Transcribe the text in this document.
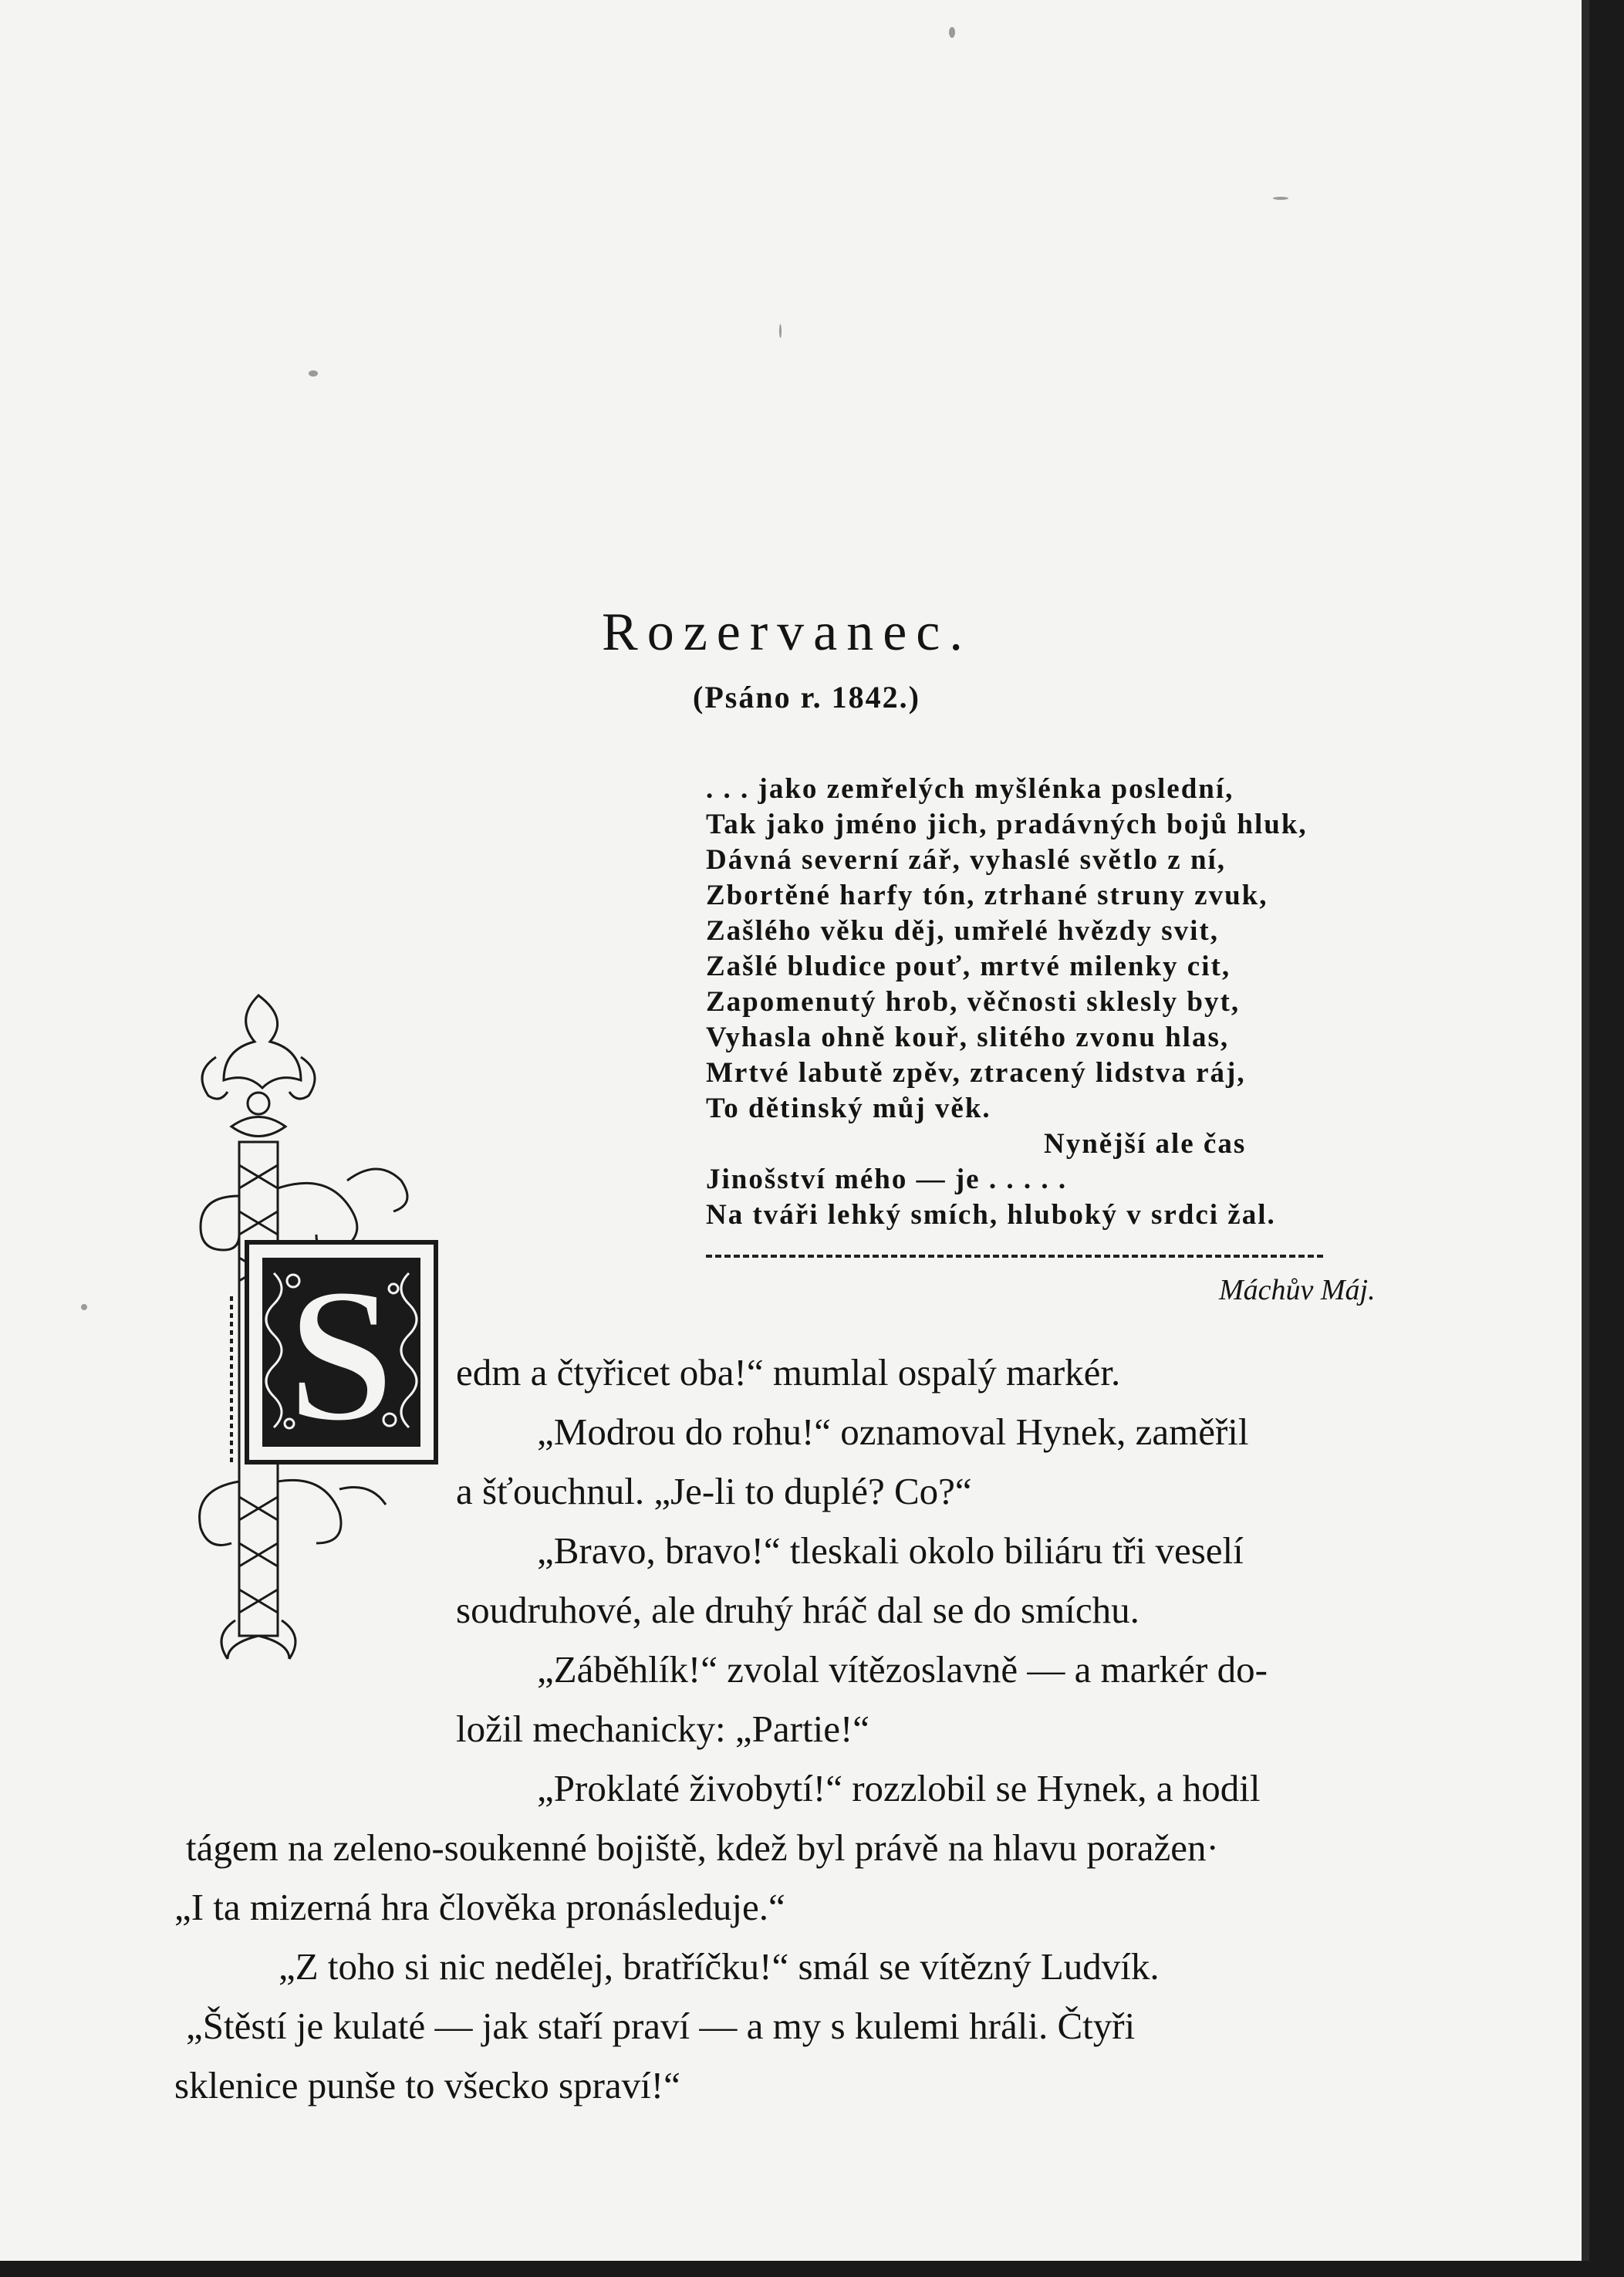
Rozervanec.
(Psáno r. 1842.)
. . . jako zemřelých myšlénka poslední,
Tak jako jméno jich, pradávných bojů hluk,
Dávná severní zář, vyhaslé světlo z ní,
Zbortěné harfy tón, ztrhané struny zvuk,
Zašlého věku děj, umřelé hvězdy svit,
Zašlé bludice pouť, mrtvé milenky cit,
Zapomenutý hrob, věčnosti sklesly byt,
Vyhasla ohně kouř, slitého zvonu hlas,
Mrtvé labutě zpěv, ztracený lidstva ráj,
To dětinský můj věk.
Nynější ale čas
Jinošství mého — je . . . . .
Na tváři lehký smích, hluboký v srdci žal.
Máchův Máj.
S	edm a čtyřicet oba!“ mumlal ospalý markér.
„Modrou do rohu!“ oznamoval Hynek, zaměřil
a šťouchnul. „Je-li to duplé? Co?“
„Bravo, bravo!“ tleskali okolo biliáru tři veselí
soudruhové, ale druhý hráč dal se do smíchu.
„Záběhlík!“ zvolal vítězoslavně — a markér do-
ložil mechanicky: „Partie!“
„Proklaté živobytí!“ rozzlobil se Hynek, a hodil
tágem na zeleno-soukenné bojiště, kdež byl právě na hlavu poražen·
„I ta mizerná hra člověka pronásleduje.“
„Z toho si nic nedělej, bratříčku!“ smál se vítězný Ludvík.
„Štěstí je kulaté — jak staří praví — a my s kulemi hráli. Čtyři
sklenice punše to všecko spraví!“
